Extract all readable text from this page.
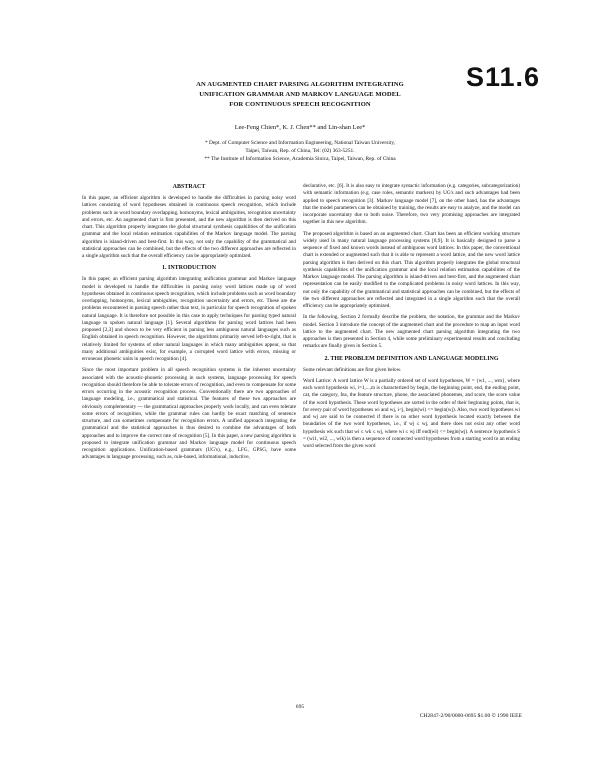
S11.6
AN AUGMENTED CHART PARSING ALGORITHM INTEGRATING
UNIFICATION GRAMMAR AND MARKOV LANGUAGE MODEL
FOR CONTINUOUS SPEECH RECOGNITION
Lee-Feng Chien*, K. J. Chen** and Lin-shan Lee*
* Dept. of Computer Science and Information Engineering, National Taiwan University,
Taipei, Taiwan, Rep. of China, Tel: (02) 363-5251.
** The Institute of Information Science, Academia Sinica, Taipei, Taiwan, Rep. of China
ABSTRACT

In this paper, an efficient algorithm is developed to handle the difficulties in parsing noisy word lattices consisting of word hypotheses obtained in continuous speech recognition, which include problems such as word boundary overlapping, homonyms, lexical ambiguities, recognition uncertainty and errors, etc. An augmented chart is first presented, and the new algorithm is then derived on this chart. This algorithm properly integrates the global structural synthesis capabilities of the unification grammar and the local relation estimation capabilities of the Markov language model. The parsing algorithm is island-driven and best-first. In this way, not only the capability of the grammatical and statistical approaches can be combined, but the effects of the two different approaches are reflected in a single algorithm such that the overall efficiency can be appropriately optimized.

1. INTRODUCTION

In this paper, an efficient parsing algorithm integrating unification grammar and Markov language model is developed to handle the difficulties in parsing noisy word lattices made up of word hypotheses obtained in continuous speech recognition, which include problems such as word boundary overlapping, homonyms, lexical ambiguities, recognition uncertainty and errors, etc. These are the problems encountered in parsing speech rather than text, in particular for speech recognition of spoken natural language. It is therefore not possible in this case to apply techniques for parsing typed natural language to spoken natural language [1]. Several algorithms for parsing word lattices had been proposed [2,3] and shown to be very efficient in parsing less ambiguous natural languages such as English obtained in speech recognition. However, the algorithms primarily served left-to-right, that is relatively limited for systems of other natural languages in which many ambiguities appear, so that many additional ambiguities exist, for example, a corrupted word lattice with errors, missing or erroneous phonetic units in speech recognition [4].

Since the most important problem in all speech recognition systems is the inherent uncertainty associated with the acoustic-phonetic processing in such systems, language processing for speech recognition should therefore be able to tolerate errors of recognition, and even to compensate for some errors occurring in the acoustic recognition process. Conventionally there are two approaches of language modeling, i.e., grammatical and statistical. The features of these two approaches are obviously complementary — the grammatical approaches properly work locally, and can even tolerate some errors of recognition, while the grammar rules can hardly be exact matching of sentence structure, and can sometimes compensate for recognition errors. A unified approach integrating the grammatical and the statistical approaches is thus desired to combine the advantages of both approaches and to improve the correct rate of recognition [5]. In this paper, a new parsing algorithm is proposed to integrate unification grammar and Markov language model for continuous speech recognition applications. Unification-based grammars (UG's), e.g., LFG, GPSG, have some advantages in language processing, such as, rule-based, informational, inductive,

declarative, etc. [6]. It is also easy to integrate syntactic information (e.g. categories, subcategorization) with semantic information (e.g. case roles, semantic markers) by UG's and such advantages had been applied to speech recognition [3]. Markov language model [7], on the other hand, has the advantages that the model parameters can be obtained by training, the results are easy to analyze, and the model can incorporate uncertainty due to both noise. Therefore, two very promising approaches are integrated together in this new algorithm.

The proposed algorithm is based on an augmented chart. Chart has been an efficient working structure widely used in many natural language processing systems [8,9]. It is basically designed to parse a sequence of fixed and known words instead of ambiguous word lattices. In this paper, the conventional chart is extended or augmented such that it is able to represent a word lattice, and the new word lattice parsing algorithm is then derived on this chart. This algorithm properly integrates the global structural synthesis capabilities of the unification grammar and the local relation estimation capabilities of the Markov language model. The parsing algorithm is island-driven and best-first, and the augmented chart representation can be easily modified to the complicated problems in noisy word lattices. In this way, not only the capability of the grammatical and statistical approaches can be combined, but the effects of the two different approaches are reflected and integrated in a single algorithm such that the overall efficiency can be appropriately optimized.

In the following, Section 2 formally describe the problem, the notation, the grammar and the Markov model. Section 3 introduce the concept of the augmented chart and the procedure to map an input word lattice to the augmented chart. The new augmented chart parsing algorithm integrating the two approaches is then presented in Section 4, while some preliminary experimental results and concluding remarks are finally given in Section 5.

2. THE PROBLEM DEFINITION AND LANGUAGE MODELING

Some relevant definitions are first given below.

Word Lattice: A word lattice W is a partially ordered set of word hypotheses, W = {w1, ..., wm}, where each word hypothesis wi, i=1,...,m is characterized by begin, the beginning point, end, the ending point, cat, the category, fea, the feature structure, phone, the associated phonemes, and score, the score value of the word hypothesis. These word hypotheses are sorted in the order of their beginning points, that is, for every pair of word hypotheses wi and wj, i<j, begin(wi) <= begin(wj). Also, two word hypotheses wi and wj are said to be connected if there is no other word hypothesis located exactly between the boundaries of the two word hypotheses, i.e., if wj ≤ wj, and there does not exist any other word hypothesis wk such that wi ≤ wk ≤ wj, where wi ≤ wj iff end(wi) <= begin(wj). A sentence hypothesis S = (wi1, wi2, ..., wik) is then a sequence of connected word hypotheses from a starting word to an ending word selected from the given word

695
CH2847-2/90/0000-0695 $1.00 © 1990 IEEE
